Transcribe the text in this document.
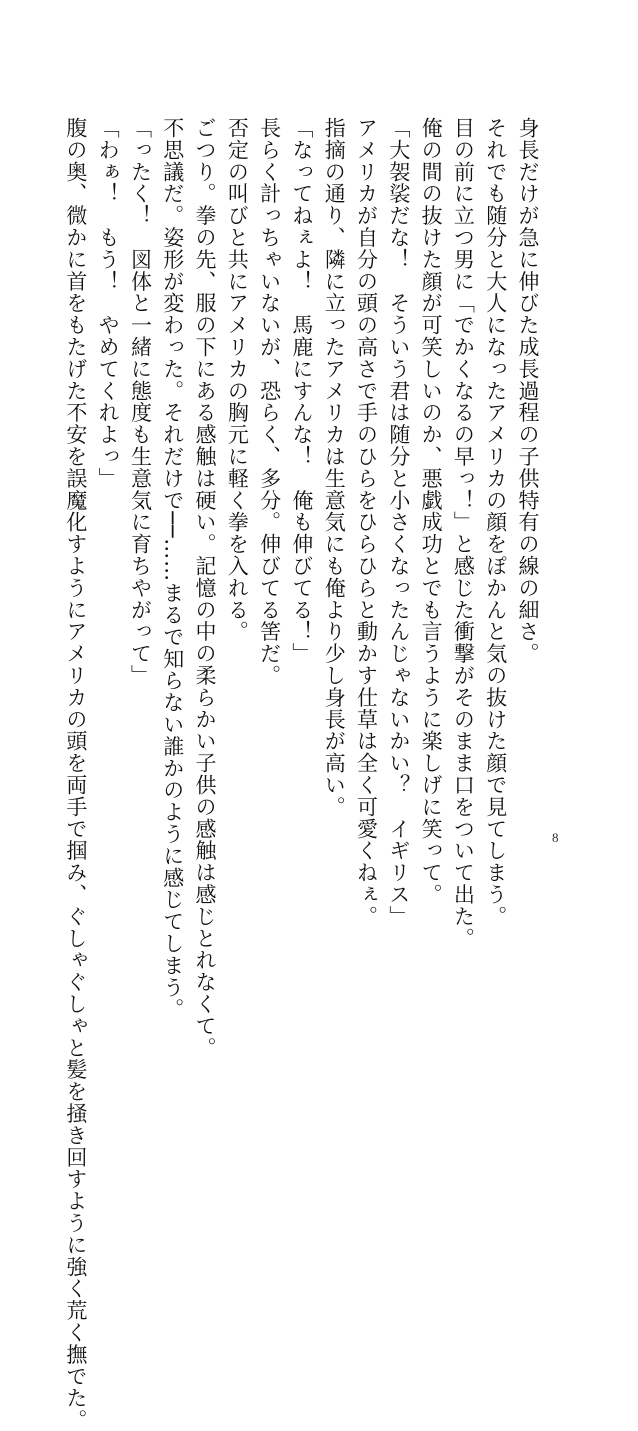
身長だけが急に伸びた成長過程の子供特有の線の細さ。

それでも随分と大人になったアメリカの顔をぽかんと気の抜けた顔で見てしまう。

目の前に立つ男に「でかくなるの早っ！」と感じた衝撃がそのまま口をついて出た。

俺の間の抜けた顔が可笑しいのか、悪戯成功とでも言うように楽しげに笑って。

「大袈裟だな！　そういう君は随分と小さくなったんじゃないかい？　イギリス」

アメリカが自分の頭の高さで手のひらをひらひらと動かす仕草は全く可愛くねぇ。

指摘の通り、隣に立ったアメリカは生意気にも俺より少し身長が高い。

「なってねぇよ！　馬鹿にすんな！　俺も伸びてる！」

長らく計っちゃいないが、恐らく、多分。伸びてる筈だ。

否定の叫びと共にアメリカの胸元に軽く拳を入れる。

ごつり。拳の先、服の下にある感触は硬い。記憶の中の柔らかい子供の感触は感じとれなくて。

不思議だ。姿形が変わった。それだけで──……まるで知らない誰かのように感じてしまう。

「ったく！　図体と一緒に態度も生意気に育ちやがって」

「わぁ！　もう！　やめてくれよっ」

腹の奥、微かに首をもたげた不安を誤魔化すようにアメリカの頭を両手で掴み、ぐしゃぐしゃと髪を掻き回すように強く荒く撫でた。	8
